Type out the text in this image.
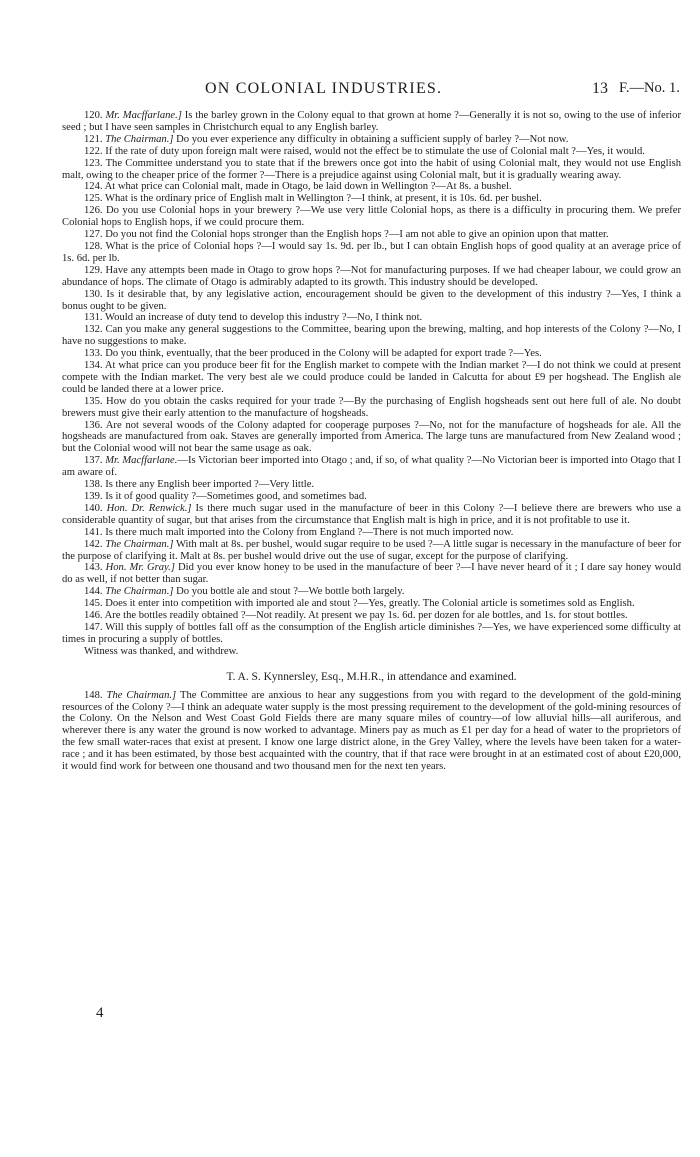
ON COLONIAL INDUSTRIES.	13 F.—No. 1.

120. Mr. Macffarlane.] Is the barley grown in the Colony equal to that grown at home ?—Generally it is not so, owing to the use of inferior seed ; but I have seen samples in Christchurch equal to any English barley.

121. The Chairman.] Do you ever experience any difficulty in obtaining a sufficient supply of barley ?—Not now.

122. If the rate of duty upon foreign malt were raised, would not the effect be to stimulate the use of Colonial malt ?—Yes, it would.

123. The Committee understand you to state that if the brewers once got into the habit of using Colonial malt, they would not use English malt, owing to the cheaper price of the former ?—There is a prejudice against using Colonial malt, but it is gradually wearing away.

124. At what price can Colonial malt, made in Otago, be laid down in Wellington ?—At 8s. a bushel.

125. What is the ordinary price of English malt in Wellington ?—I think, at present, it is 10s. 6d. per bushel.

126. Do you use Colonial hops in your brewery ?—We use very little Colonial hops, as there is a difficulty in procuring them. We prefer Colonial hops to English hops, if we could procure them.

127. Do you not find the Colonial hops stronger than the English hops ?—I am not able to give an opinion upon that matter.

128. What is the price of Colonial hops ?—I would say 1s. 9d. per lb., but I can obtain English hops of good quality at an average price of 1s. 6d. per lb.

129. Have any attempts been made in Otago to grow hops ?—Not for manufacturing purposes. If we had cheaper labour, we could grow an abundance of hops. The climate of Otago is admirably adapted to its growth. This industry should be developed.

130. Is it desirable that, by any legislative action, encouragement should be given to the development of this industry ?—Yes, I think a bonus ought to be given.

131. Would an increase of duty tend to develop this industry ?—No, I think not.

132. Can you make any general suggestions to the Committee, bearing upon the brewing, malting, and hop interests of the Colony ?—No, I have no suggestions to make.

133. Do you think, eventually, that the beer produced in the Colony will be adapted for export trade ?—Yes.

134. At what price can you produce beer fit for the English market to compete with the Indian market ?—I do not think we could at present compete with the Indian market. The very best ale we could produce could be landed in Calcutta for about £9 per hogshead. The English ale could be landed there at a lower price.

135. How do you obtain the casks required for your trade ?—By the purchasing of English hogsheads sent out here full of ale. No doubt brewers must give their early attention to the manufacture of hogsheads.

136. Are not several woods of the Colony adapted for cooperage purposes ?—No, not for the manufacture of hogsheads for ale. All the hogsheads are manufactured from oak. Staves are generally imported from America. The large tuns are manufactured from New Zealand wood ; but the Colonial wood will not bear the same usage as oak.

137. Mr. Macffarlane.—Is Victorian beer imported into Otago ; and, if so, of what quality ?—No Victorian beer is imported into Otago that I am aware of.

138. Is there any English beer imported ?—Very little.

139. Is it of good quality ?—Sometimes good, and sometimes bad.

140. Hon. Dr. Renwick.] Is there much sugar used in the manufacture of beer in this Colony ?—I believe there are brewers who use a considerable quantity of sugar, but that arises from the circumstance that English malt is high in price, and it is not profitable to use it.

141. Is there much malt imported into the Colony from England ?—There is not much imported now.

142. The Chairman.] With malt at 8s. per bushel, would sugar require to be used ?—A little sugar is necessary in the manufacture of beer for the purpose of clarifying it. Malt at 8s. per bushel would drive out the use of sugar, except for the purpose of clarifying.

143. Hon. Mr. Gray.] Did you ever know honey to be used in the manufacture of beer ?—I have never heard of it ; I dare say honey would do as well, if not better than sugar.

144. The Chairman.] Do you bottle ale and stout ?—We bottle both largely.

145. Does it enter into competition with imported ale and stout ?—Yes, greatly. The Colonial article is sometimes sold as English.

146. Are the bottles readily obtained ?—Not readily. At present we pay 1s. 6d. per dozen for ale bottles, and 1s. for stout bottles.

147. Will this supply of bottles fall off as the consumption of the English article diminishes ?—Yes, we have experienced some difficulty at times in procuring a supply of bottles.

Witness was thanked, and withdrew.

T. A. S. Kynnersley, Esq., M.H.R., in attendance and examined.

148. The Chairman.] The Committee are anxious to hear any suggestions from you with regard to the development of the gold-mining resources of the Colony ?—I think an adequate water supply is the most pressing requirement to the development of the gold-mining resources of the Colony. On the Nelson and West Coast Gold Fields there are many square miles of country—of low alluvial hills—all auriferous, and wherever there is any water the ground is now worked to advantage. Miners pay as much as £1 per day for a head of water to the proprietors of the few small water-races that exist at present. I know one large district alone, in the Grey Valley, where the levels have been taken for a water-race ; and it has been estimated, by those best acquainted with the country, that if that race were brought in at an estimated cost of about £20,000, it would find work for between one thousand and two thousand men for the next ten years.

4
